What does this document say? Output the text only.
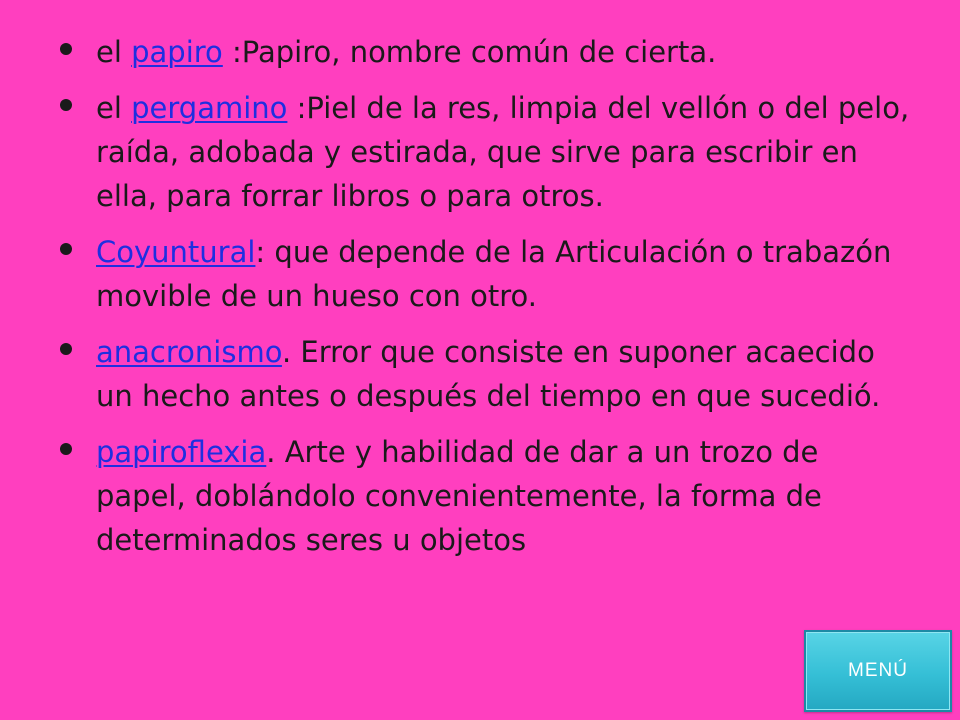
el papiro :Papiro, nombre común de cierta.
el pergamino :Piel de la res, limpia del vellón o del pelo, raída, adobada y estirada, que sirve para escribir en ella, para forrar libros o para otros.
Coyuntural: que depende de la Articulación o trabazón movible de un hueso con otro.
anacronismo. Error que consiste en suponer acaecido un hecho antes o después del tiempo en que sucedió.
papiroflexia. Arte y habilidad de dar a un trozo de papel, doblándolo convenientemente, la forma de determinados seres u objetos
MENÚ
